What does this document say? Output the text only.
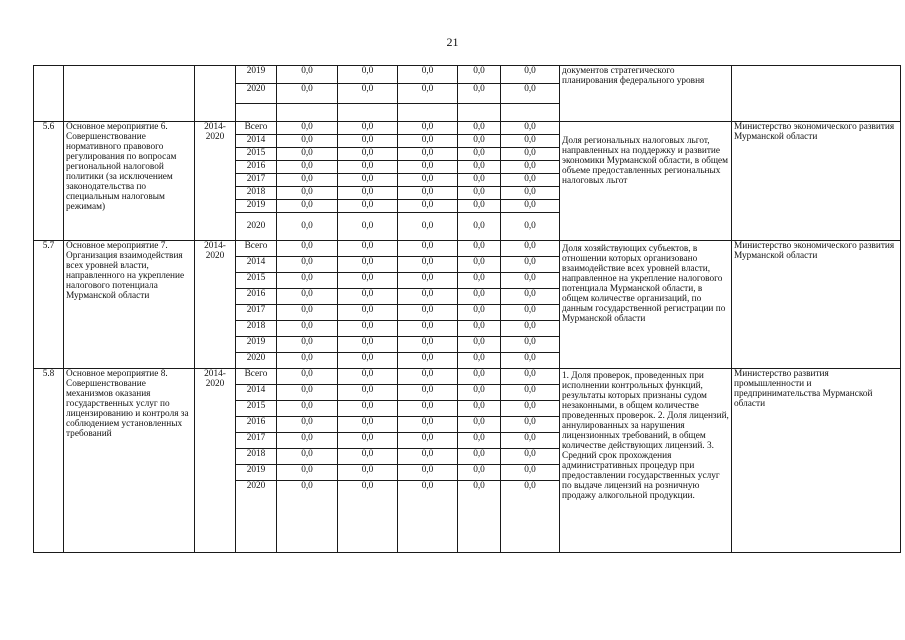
21
			2019	0,0	0,0	0,0	0,0	0,0	документов стратегического планирования федерального уровня	
			2020	0,0	0,0	0,0	0,0	0,0		

5.6	Основное мероприятие 6. Совершенствование нормативного правового регулирования по вопросам региональной налоговой политики (за исключением законодательства по специальным налоговым режимам)	2014-2020	Всего	0,0	0,0	0,0	0,0	0,0	Доля региональных налоговых льгот, направленных на поддержку и развитие экономики Мурманской области, в общем объеме предоставленных региональных налоговых льгот	Министерство экономического развития Мурманской области
			2014	0,0	0,0	0,0	0,0	0,0		
			2015	0,0	0,0	0,0	0,0	0,0		
			2016	0,0	0,0	0,0	0,0	0,0		
			2017	0,0	0,0	0,0	0,0	0,0		
			2018	0,0	0,0	0,0	0,0	0,0		
			2019	0,0	0,0	0,0	0,0	0,0		
			2020	0,0	0,0	0,0	0,0	0,0		
5.7	Основное мероприятие 7. Организация взаимодействия всех уровней власти, направленного на укрепление налогового потенциала Мурманской области	2014-2020	Всего	0,0	0,0	0,0	0,0	0,0	Доля хозяйствующих субъектов, в отношении которых организовано взаимодействие всех уровней власти, направленное на укрепление налогового потенциала Мурманской области, в общем количестве организаций, по данным государственной регистрации по Мурманской области	Министерство экономического развития Мурманской области
			2014	0,0	0,0	0,0	0,0	0,0		
			2015	0,0	0,0	0,0	0,0	0,0		
			2016	0,0	0,0	0,0	0,0	0,0		
			2017	0,0	0,0	0,0	0,0	0,0		
			2018	0,0	0,0	0,0	0,0	0,0		
			2019	0,0	0,0	0,0	0,0	0,0		
			2020	0,0	0,0	0,0	0,0	0,0		
5.8	Основное мероприятие 8. Совершенствование механизмов оказания государственных услуг по лицензированию и контроля за соблюдением установленных требований	2014-2020	Всего	0,0	0,0	0,0	0,0	0,0	1. Доля проверок, проведенных при исполнении контрольных функций, результаты которых признаны судом незаконными, в общем количестве проведенных проверок. 2. Доля лицензий, аннулированных за нарушения лицензионных требований, в общем количестве действующих лицензий. 3. Средний срок прохождения административных процедур при предоставлении государственных услуг по выдаче лицензий на розничную продажу алкогольной продукции.	Министерство развития промышленности и предпринимательства Мурманской области
			2014	0,0	0,0	0,0	0,0	0,0		
			2015	0,0	0,0	0,0	0,0	0,0		
			2016	0,0	0,0	0,0	0,0	0,0		
			2017	0,0	0,0	0,0	0,0	0,0		
			2018	0,0	0,0	0,0	0,0	0,0		
			2019	0,0	0,0	0,0	0,0	0,0		
			2020	0,0	0,0	0,0	0,0	0,0		
